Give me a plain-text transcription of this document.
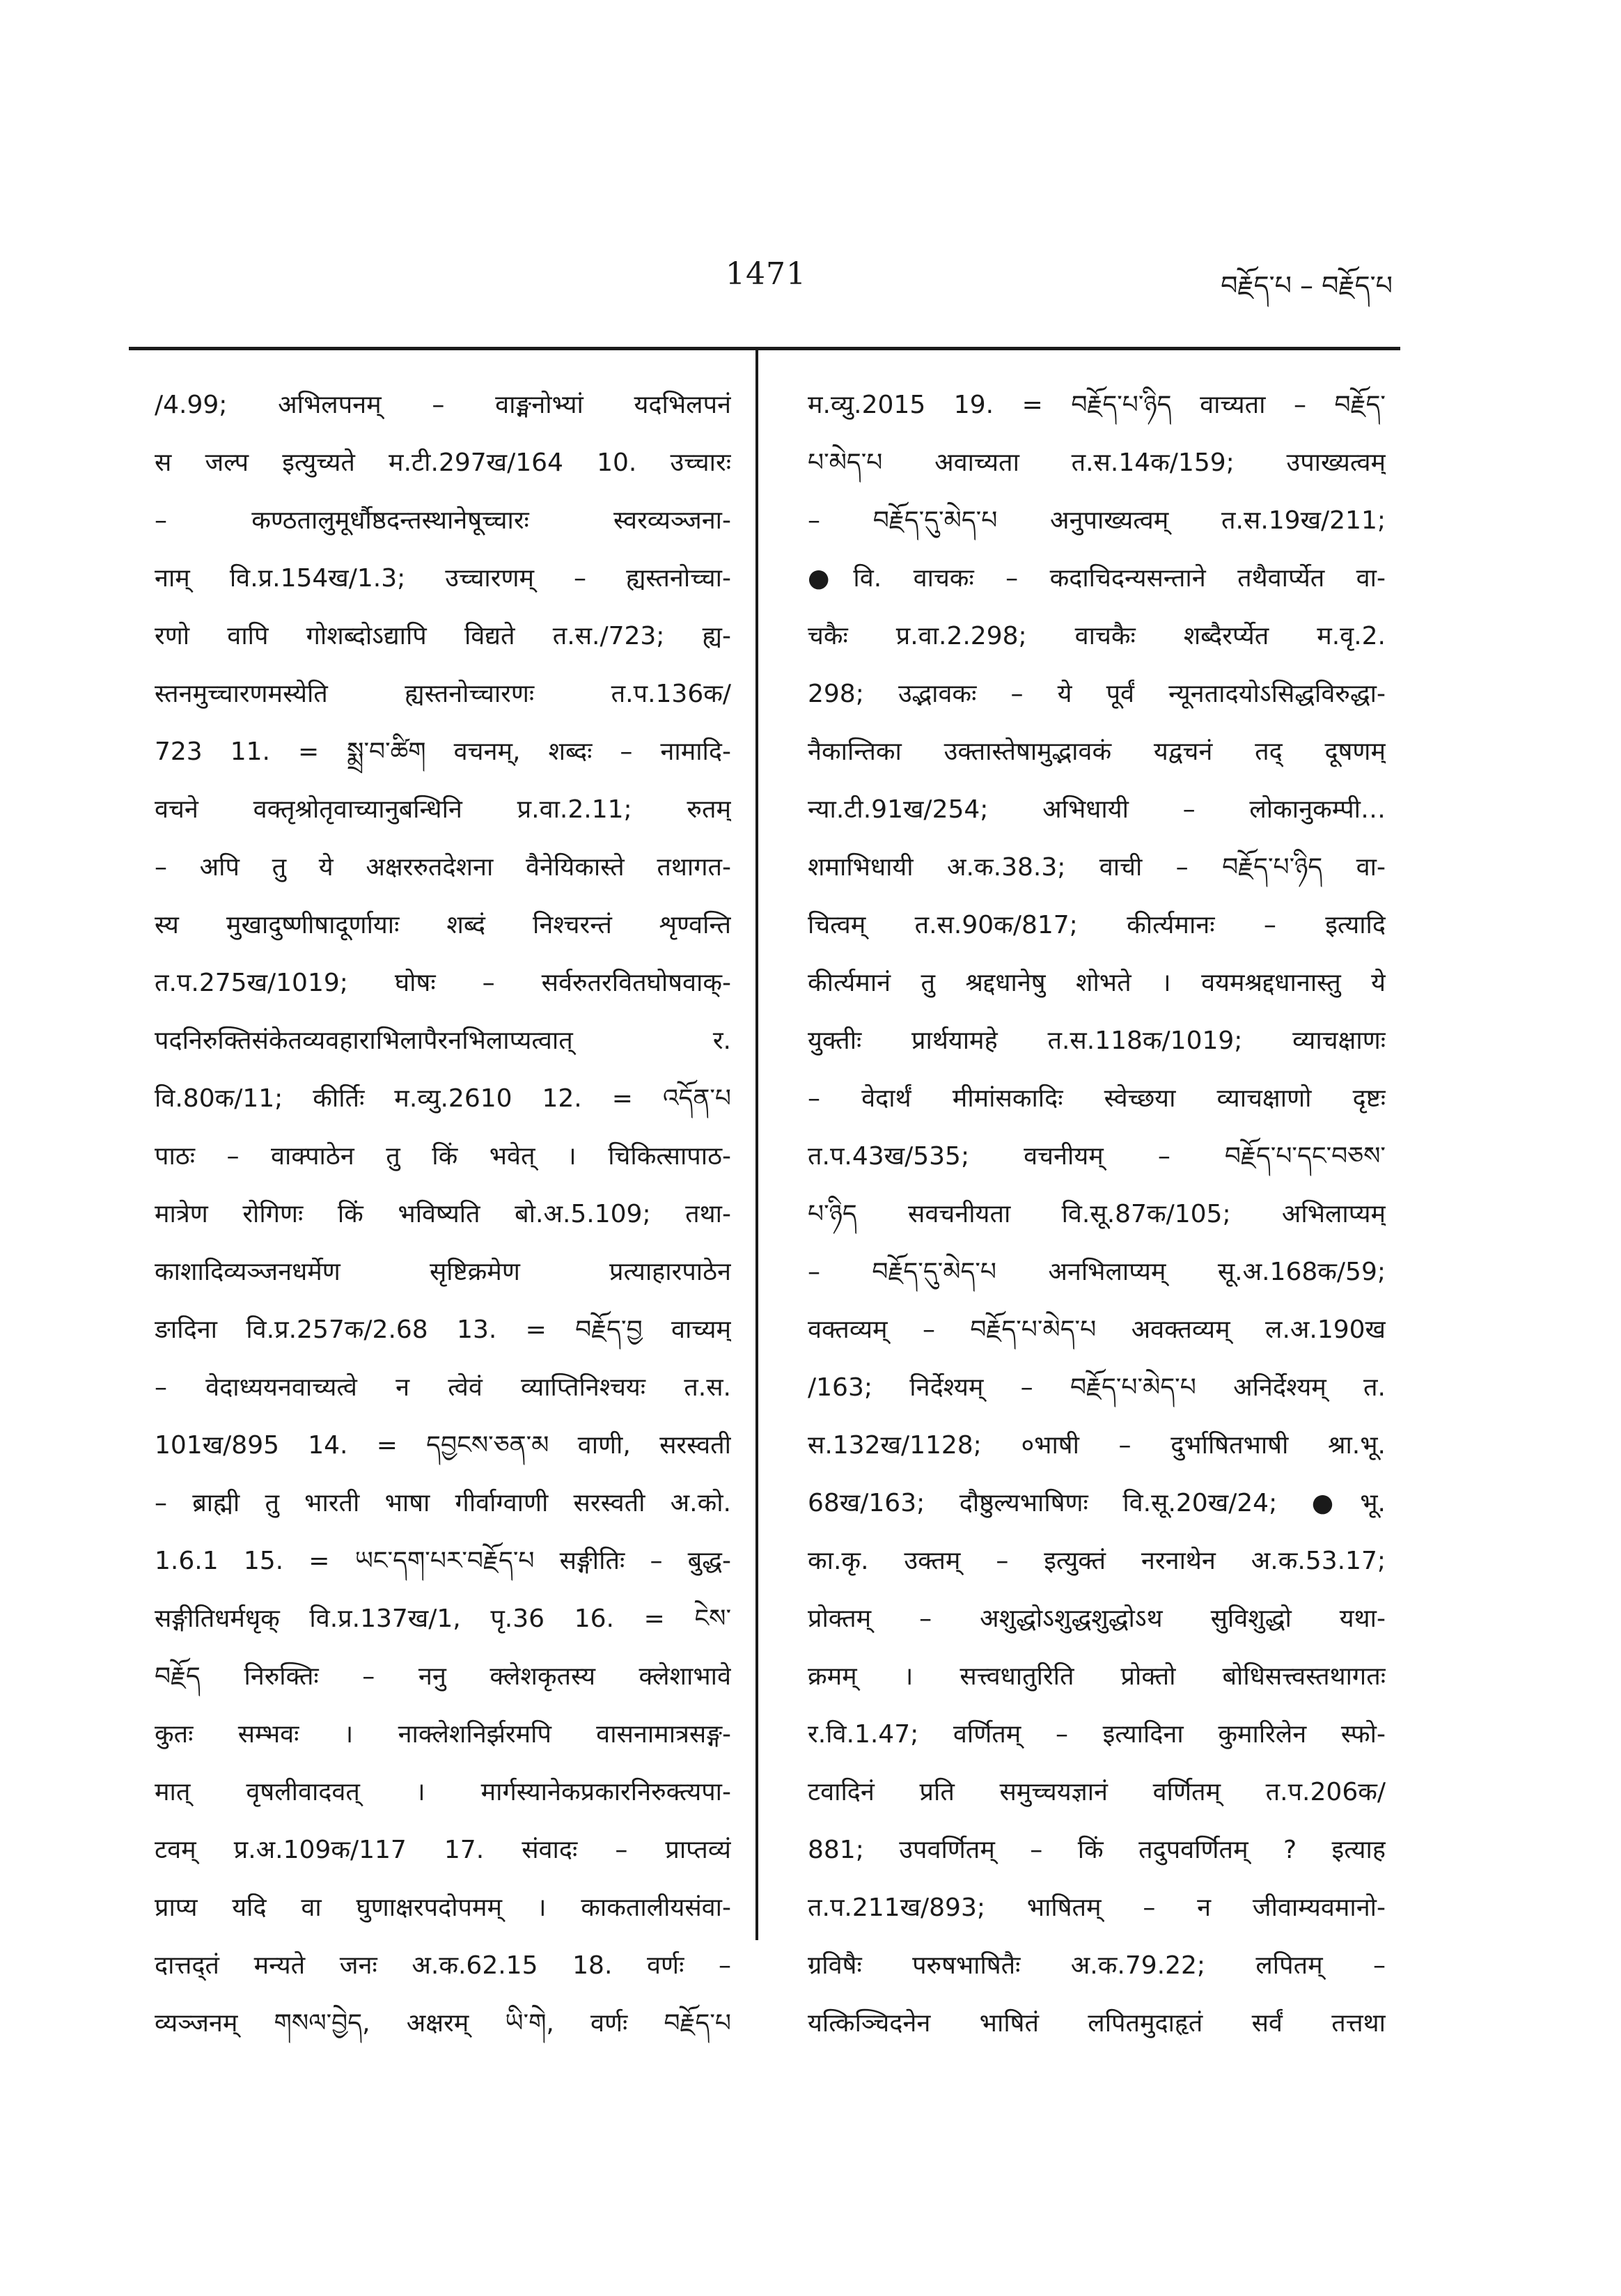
1471	བརྗོད་པ – བརྗོད་པ
/4.99; अभिलपनम् – वाङ्मनोभ्यां यदभिलपनं
स जल्प इत्युच्यते म.टी.297ख/164 10. उच्चारः
– कण्ठतालुमूर्धौष्ठदन्तस्थानेषूच्चारः स्वरव्यञ्जना-
नाम् वि.प्र.154ख/1.3; उच्चारणम् – ह्यस्तनोच्चा-
रणो वापि गोशब्दोऽद्यापि विद्यते त.स./723; ह्य-
स्तनमुच्चारणमस्येति ह्यस्तनोच्चारणः त.प.136क/
723 11. = སྨྲ་བ་ཚིག वचनम्, शब्दः – नामादि-
वचने वक्तृश्रोतृवाच्यानुबन्धिनि प्र.वा.2.11; रुतम्
– अपि तु ये अक्षररुतदेशना वैनेयिकास्ते तथागत-
स्य मुखादुष्णीषादूर्णायाः शब्दं निश्चरन्तं शृण्वन्ति
त.प.275ख/1019; घोषः – सर्वरुतरवितघोषवाक्-
पदनिरुक्तिसंकेतव्यवहाराभिलापैरनभिलाप्यत्वात् र.
वि.80क/11; कीर्तिः म.व्यु.2610 12. = འདོན་པ
पाठः – वाक्पाठेन तु किं भवेत् । चिकित्सापाठ-
मात्रेण रोगिणः किं भविष्यति बो.अ.5.109; तथा-
काशादिव्यञ्जनधर्मेण सृष्टिक्रमेण प्रत्याहारपाठेन
ङादिना वि.प्र.257क/2.68 13. = བརྗོད་བྱ वाच्यम्
– वेदाध्ययनवाच्यत्वे न त्वेवं व्याप्तिनिश्चयः त.स.
101ख/895 14. = དབྱངས་ཅན་མ वाणी, सरस्वती
– ब्राह्मी तु भारती भाषा गीर्वाग्वाणी सरस्वती अ.को.
1.6.1 15. = ཡང་དག་པར་བརྗོད་པ सङ्गीतिः – बुद्ध-
सङ्गीतिधर्मधृक् वि.प्र.137ख/1, पृ.36 16. = ངེས་
བརྗོད निरुक्तिः – ननु क्लेशकृतस्य क्लेशाभावे
कुतः सम्भवः । नाक्लेशनिर्झरमपि वासनामात्रसङ्ग-
मात् वृषलीवादवत् । मार्गस्यानेकप्रकारनिरुक्त्यपा-
टवम् प्र.अ.109क/117 17. संवादः – प्राप्तव्यं
प्राप्य यदि वा घुणाक्षरपदोपमम् । काकतालीयसंवा-
दात्तद्तं मन्यते जनः अ.क.62.15 18. वर्णः –
व्यञ्जनम् གསལ་བྱེད, अक्षरम् ཡི་གེ, वर्णः བརྗོད་པ
म.व्यु.2015 19. = བརྗོད་པ་ཉིད वाच्यता – བརྗོད་
པ་མེད་པ अवाच्यता त.स.14क/159; उपाख्यत्वम्
– བརྗོད་དུ་མེད་པ अनुपाख्यत्वम् त.स.19ख/211;
●वि. वाचकः – कदाचिदन्यसन्ताने तथैवार्प्येत वा-
चकैः प्र.वा.2.298; वाचकैः शब्दैरर्प्येत म.वृ.2.
298; उद्भावकः – ये पूर्वं न्यूनतादयोऽसिद्धविरुद्धा-
नैकान्तिका उक्तास्तेषामुद्भावकं यद्वचनं तद् दूषणम्
न्या.टी.91ख/254; अभिधायी – लोकानुकम्पी…
शमाभिधायी अ.क.38.3; वाची – བརྗོད་པ་ཉིད वा-
चित्वम् त.स.90क/817; कीर्त्यमानः – इत्यादि
कीर्त्यमानं तु श्रद्दधानेषु शोभते । वयमश्रद्दधानास्तु ये
युक्तीः प्रार्थयामहे त.स.118क/1019; व्याचक्षाणः
– वेदार्थं मीमांसकादिः स्वेच्छया व्याचक्षाणो दृष्टः
त.प.43ख/535; वचनीयम् – བརྗོད་པ་དང་བཅས་
པ་ཉིད सवचनीयता वि.सू.87क/105; अभिलाप्यम्
– བརྗོད་དུ་མེད་པ अनभिलाप्यम् सू.अ.168क/59;
वक्तव्यम् – བརྗོད་པ་མེད་པ अवक्तव्यम् ल.अ.190ख
/163; निर्देश्यम् – བརྗོད་པ་མེད་པ अनिर्देश्यम् त.
स.132ख/1128; ०भाषी – दुर्भाषितभाषी श्रा.भू.
68ख/163; दौष्ठुल्यभाषिणः वि.सू.20ख/24; ●भू.
का.कृ. उक्तम् – इत्युक्तं नरनाथेन अ.क.53.17;
प्रोक्तम् – अशुद्धोऽशुद्धशुद्धोऽथ सुविशुद्धो यथा-
क्रमम् । सत्त्वधातुरिति प्रोक्तो बोधिसत्त्वस्तथागतः
र.वि.1.47; वर्णितम् – इत्यादिना कुमारिलेन स्फो-
टवादिनं प्रति समुच्चयज्ञानं वर्णितम् त.प.206क/
881; उपवर्णितम् – किं तदुपवर्णितम् ? इत्याह
त.प.211ख/893; भाषितम् – न जीवाम्यवमानो-
ग्रविषैः परुषभाषितैः अ.क.79.22; लपितम् –
यत्किञ्चिदनेन भाषितं लपितमुदाहृतं सर्वं तत्तथा
